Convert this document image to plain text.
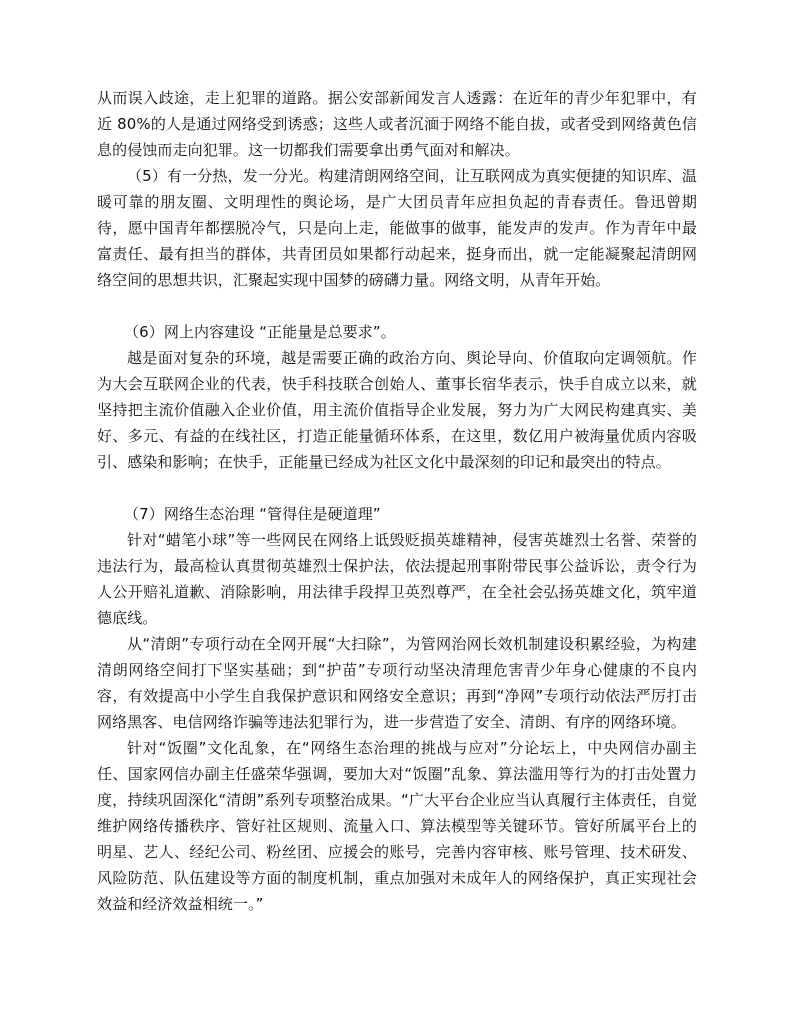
从而误入歧途，走上犯罪的道路。据公安部新闻发言人透露：在近年的青少年犯罪中，有近 80%的人是通过网络受到诱惑；这些人或者沉湎于网络不能自拔，或者受到网络黄色信息的侵蚀而走向犯罪。这一切都我们需要拿出勇气面对和解决。

（5）有一分热，发一分光。构建清朗网络空间，让互联网成为真实便捷的知识库、温暖可靠的朋友圈、文明理性的舆论场，是广大团员青年应担负起的青春责任。鲁迅曾期待，愿中国青年都摆脱冷气，只是向上走，能做事的做事，能发声的发声。作为青年中最富责任、最有担当的群体，共青团员如果都行动起来，挺身而出，就一定能凝聚起清朗网络空间的思想共识，汇聚起实现中国梦的磅礴力量。网络文明，从青年开始。

（6）网上内容建设 “正能量是总要求”。

越是面对复杂的环境，越是需要正确的政治方向、舆论导向、价值取向定调领航。作为大会互联网企业的代表，快手科技联合创始人、董事长宿华表示，快手自成立以来，就坚持把主流价值融入企业价值，用主流价值指导企业发展，努力为广大网民构建真实、美好、多元、有益的在线社区，打造正能量循环体系，在这里，数亿用户被海量优质内容吸引、感染和影响；在快手，正能量已经成为社区文化中最深刻的印记和最突出的特点。

（7）网络生态治理 “管得住是硬道理”

针对“蜡笔小球”等一些网民在网络上诋毁贬损英雄精神，侵害英雄烈士名誉、荣誉的违法行为，最高检认真贯彻英雄烈士保护法，依法提起刑事附带民事公益诉讼，责令行为人公开赔礼道歉、消除影响，用法律手段捍卫英烈尊严，在全社会弘扬英雄文化，筑牢道德底线。

从“清朗”专项行动在全网开展“大扫除”，为管网治网长效机制建设积累经验，为构建清朗网络空间打下坚实基础；到“护苗”专项行动坚决清理危害青少年身心健康的不良内容，有效提高中小学生自我保护意识和网络安全意识；再到“净网”专项行动依法严厉打击网络黑客、电信网络诈骗等违法犯罪行为，进一步营造了安全、清朗、有序的网络环境。

针对“饭圈”文化乱象，在“网络生态治理的挑战与应对”分论坛上，中央网信办副主任、国家网信办副主任盛荣华强调，要加大对“饭圈”乱象、算法滥用等行为的打击处置力度，持续巩固深化“清朗”系列专项整治成果。“广大平台企业应当认真履行主体责任，自觉维护网络传播秩序、管好社区规则、流量入口、算法模型等关键环节。管好所属平台上的明星、艺人、经纪公司、粉丝团、应援会的账号，完善内容审核、账号管理、技术研发、风险防范、队伍建设等方面的制度机制，重点加强对未成年人的网络保护，真正实现社会效益和经济效益相统一。”
